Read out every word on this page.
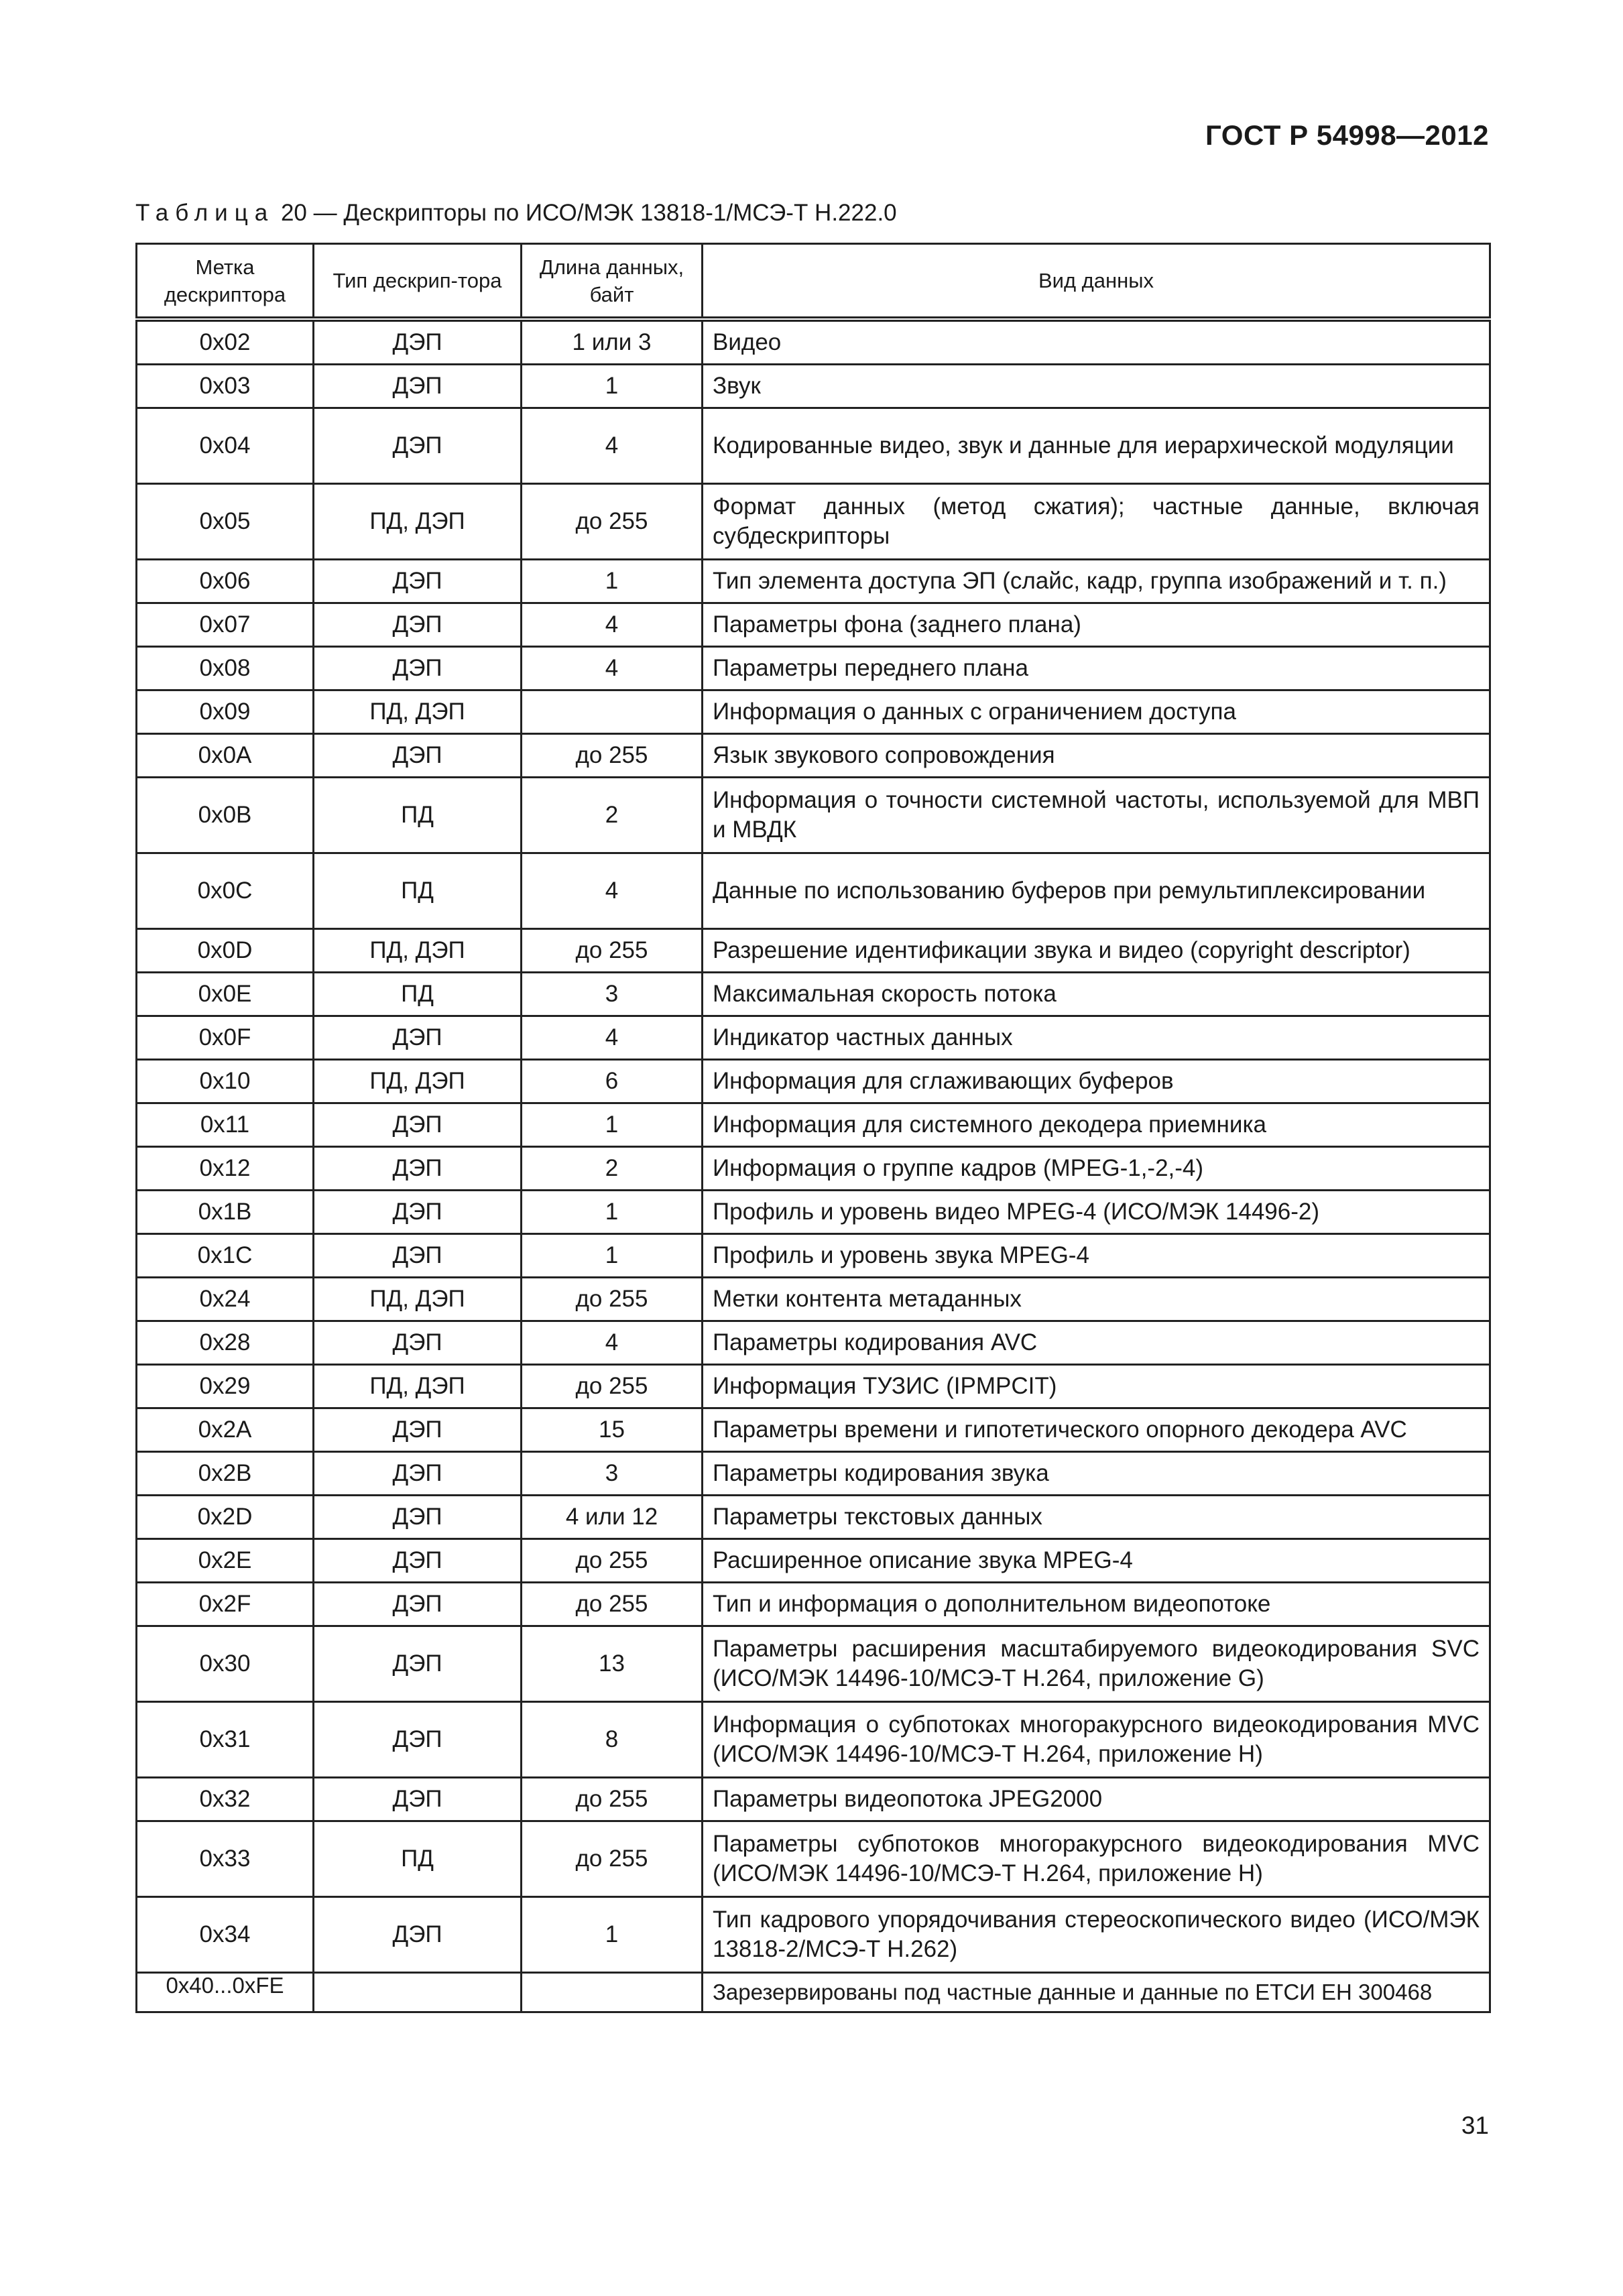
ГОСТ Р 54998—2012
Таблица 20 — Дескрипторы по ИСО/МЭК 13818-1/МСЭ-Т H.222.0
Метка дескриптора	Тип дескрип-тора	Длина данных, байт	Вид данных
0x02	ДЭП	1 или 3	Видео
0x03	ДЭП	1	Звук
0x04	ДЭП	4	Кодированные видео, звук и данные для иерархической модуляции
0x05	ПД, ДЭП	до 255	Формат данных (метод сжатия); частные данные, включая субдескрипторы
0x06	ДЭП	1	Тип элемента доступа ЭП (слайс, кадр, группа изображений и т. п.)
0x07	ДЭП	4	Параметры фона (заднего плана)
0x08	ДЭП	4	Параметры переднего плана
0x09	ПД, ДЭП		Информация о данных с ограничением доступа
0x0A	ДЭП	до 255	Язык звукового сопровождения
0x0B	ПД	2	Информация о точности системной частоты, используемой для МВП и МВДК
0x0C	ПД	4	Данные по использованию буферов при ремультиплексировании
0x0D	ПД, ДЭП	до 255	Разрешение идентификации звука и видео (copyright descriptor)
0x0E	ПД	3	Максимальная скорость потока
0x0F	ДЭП	4	Индикатор частных данных
0x10	ПД, ДЭП	6	Информация для сглаживающих буферов
0x11	ДЭП	1	Информация для системного декодера приемника
0x12	ДЭП	2	Информация о группе кадров (MPEG-1,-2,-4)
0x1B	ДЭП	1	Профиль и уровень видео MPEG-4 (ИСО/МЭК 14496-2)
0x1C	ДЭП	1	Профиль и уровень звука MPEG-4
0x24	ПД, ДЭП	до 255	Метки контента метаданных
0x28	ДЭП	4	Параметры кодирования AVC
0x29	ПД, ДЭП	до 255	Информация ТУЗИС (IPMPCIT)
0x2A	ДЭП	15	Параметры времени и гипотетического опорного декодера AVC
0x2B	ДЭП	3	Параметры кодирования звука
0x2D	ДЭП	4 или 12	Параметры текстовых данных
0x2E	ДЭП	до 255	Расширенное описание звука MPEG-4
0x2F	ДЭП	до 255	Тип и информация о дополнительном видеопотоке
0x30	ДЭП	13	Параметры расширения масштабируемого видеокодирования SVC (ИСО/МЭК 14496-10/МСЭ-Т H.264, приложение G)
0x31	ДЭП	8	Информация о субпотоках многоракурсного видеокодирования MVC (ИСО/МЭК 14496-10/МСЭ-Т H.264, приложение H)
0x32	ДЭП	до 255	Параметры видеопотока JPEG2000
0x33	ПД	до 255	Параметры субпотоков многоракурсного видеокодирования MVC (ИСО/МЭК 14496-10/МСЭ-Т H.264, приложение H)
0x34	ДЭП	1	Тип кадрового упорядочивания стереоскопического видео (ИСО/МЭК 13818-2/МСЭ-Т H.262)
0x40...0xFE			Зарезервированы под частные данные и данные по ЕТСИ ЕН 300468
31
